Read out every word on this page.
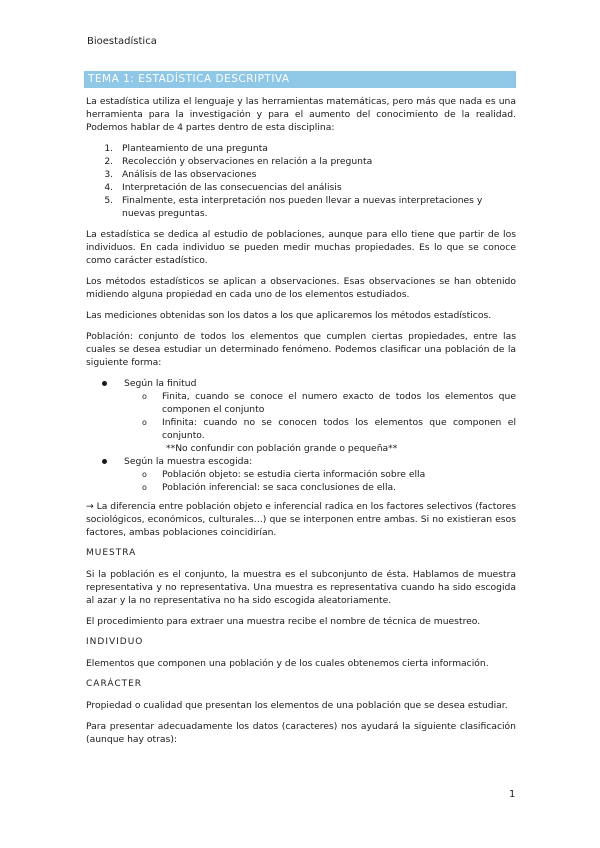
Bioestadística
TEMA 1: ESTADÍSTICA DESCRIPTIVA

La estadística utiliza el lenguaje y las herramientas matemáticas, pero más que nada es una herramienta para la investigación y para el aumento del conocimiento de la realidad. Podemos hablar de 4 partes dentro de esta disciplina:

1. Planteamiento de una pregunta
2. Recolección y observaciones en relación a la pregunta
3. Análisis de las observaciones
4. Interpretación de las consecuencias del análisis
5. Finalmente, esta interpretación nos pueden llevar a nuevas interpretaciones y nuevas preguntas.

La estadística se dedica al estudio de poblaciones, aunque para ello tiene que partir de los individuos. En cada individuo se pueden medir muchas propiedades. Es lo que se conoce como carácter estadístico.

Los métodos estadísticos se aplican a observaciones. Esas observaciones se han obtenido midiendo alguna propiedad en cada uno de los elementos estudiados.

Las mediciones obtenidas son los datos a los que aplicaremos los métodos estadísticos.

Población: conjunto de todos los elementos que cumplen ciertas propiedades, entre las cuales se desea estudiar un determinado fenómeno. Podemos clasificar una población de la siguiente forma:

Según la finitud
o Finita, cuando se conoce el numero exacto de todos los elementos que componen el conjunto
o Infinita: cuando no se conocen todos los elementos que componen el conjunto.
**No confundir con población grande o pequeña**
Según la muestra escogida:
o Población objeto: se estudia cierta información sobre ella
o Población inferencial: se saca conclusiones de ella.

→ La diferencia entre población objeto e inferencial radica en los factores selectivos (factores sociológicos, económicos, culturales…) que se interponen entre ambas. Si no existieran esos factores, ambas poblaciones coincidirían.

MUESTRA

Si la población es el conjunto, la muestra es el subconjunto de ésta. Hablamos de muestra representativa y no representativa. Una muestra es representativa cuando ha sido escogida al azar y la no representativa no ha sido escogida aleatoriamente.

El procedimiento para extraer una muestra recibe el nombre de técnica de muestreo.

INDIVIDUO

Elementos que componen una población y de los cuales obtenemos cierta información.

CARÁCTER

Propiedad o cualidad que presentan los elementos de una población que se desea estudiar.

Para presentar adecuadamente los datos (caracteres) nos ayudará la siguiente clasificación (aunque hay otras):

1
